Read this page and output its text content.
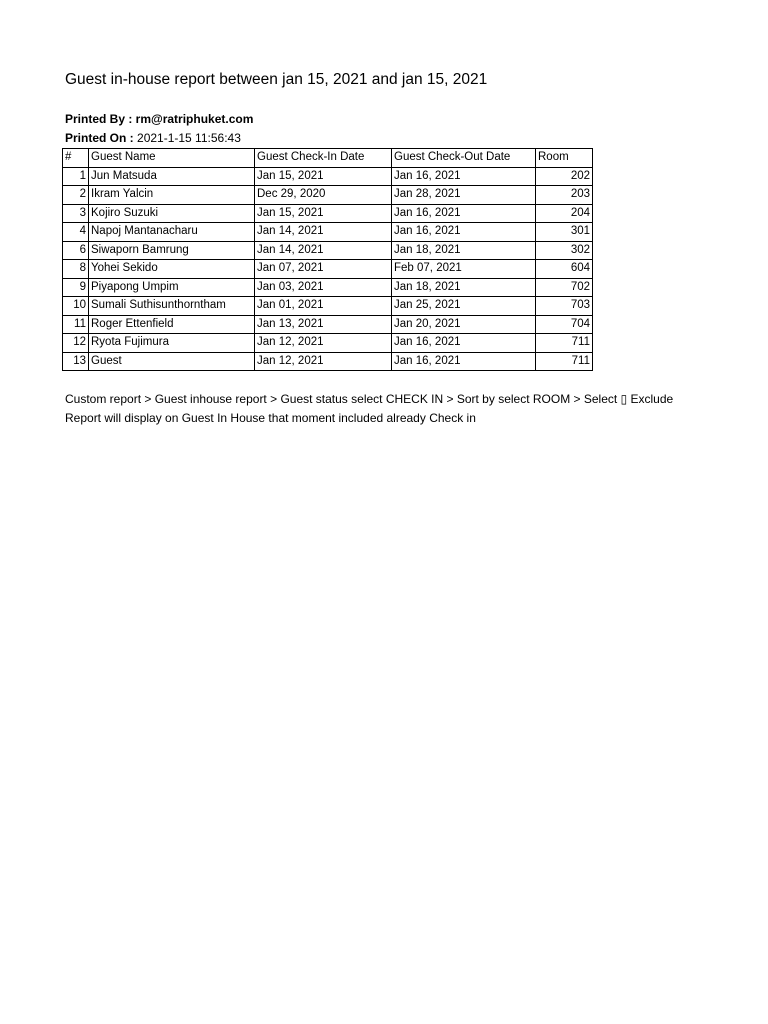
Guest in-house report between jan 15, 2021 and jan 15, 2021
Printed By : rm@ratriphuket.com
Printed On : 2021-1-15 11:56:43
#	Guest Name	Guest Check-In Date	Guest Check-Out Date	Room
1	Jun Matsuda	Jan 15, 2021	Jan 16, 2021	202
2	Ikram Yalcin	Dec 29, 2020	Jan 28, 2021	203
3	Kojiro Suzuki	Jan 15, 2021	Jan 16, 2021	204
4	Napoj Mantanacharu	Jan 14, 2021	Jan 16, 2021	301
6	Siwaporn Bamrung	Jan 14, 2021	Jan 18, 2021	302
8	Yohei Sekido	Jan 07, 2021	Feb 07, 2021	604
9	Piyapong Umpim	Jan 03, 2021	Jan 18, 2021	702
10	Sumali Suthisunthorntham	Jan 01, 2021	Jan 25, 2021	703
11	Roger Ettenfield	Jan 13, 2021	Jan 20, 2021	704
12	Ryota Fujimura	Jan 12, 2021	Jan 16, 2021	711
13	Guest	Jan 12, 2021	Jan 16, 2021	711
Custom report > Guest inhouse report > Guest status select CHECK IN > Sort by select ROOM > Select ▯ Exclude
Report will display on Guest In House that moment included already Check in
